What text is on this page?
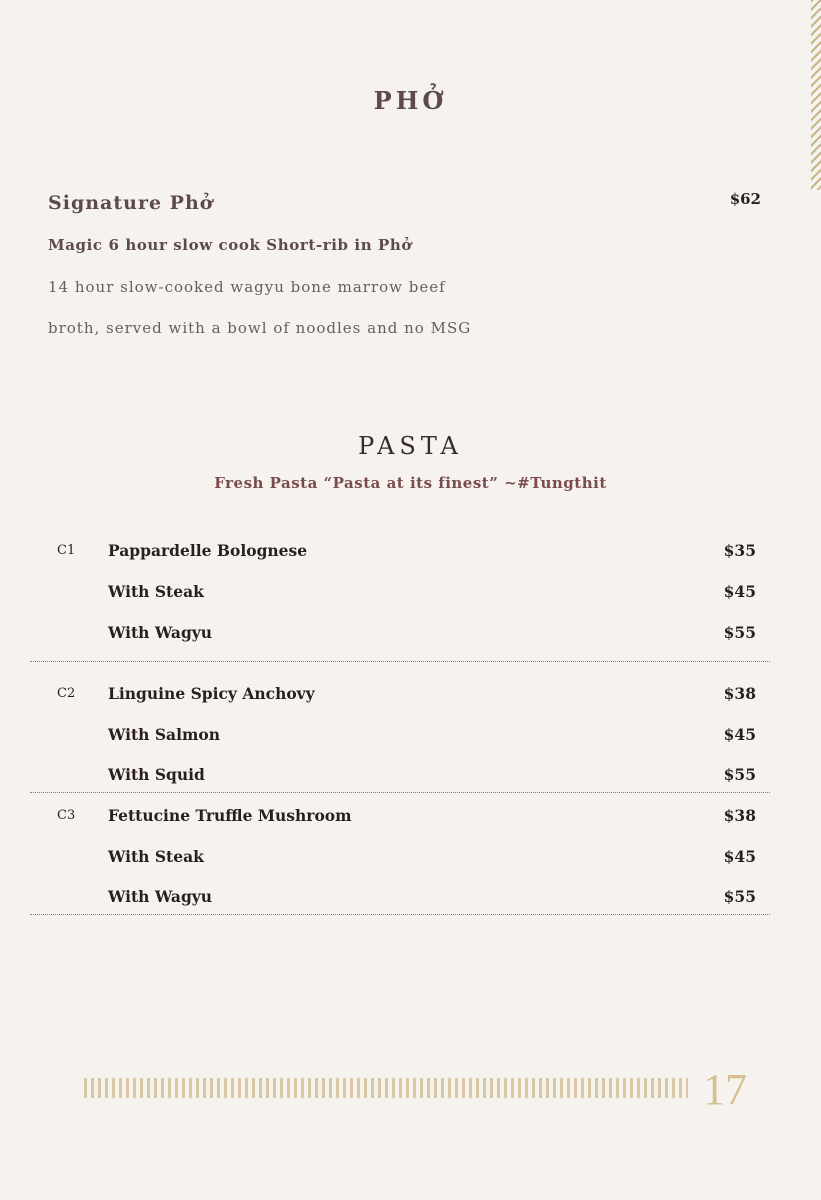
PHỞ
Signature Phở	$62
Magic 6 hour slow cook Short-rib in Phở
14 hour slow-cooked wagyu bone marrow beef
broth, served with a bowl of noodles and no MSG
PASTA
Fresh Pasta “Pasta at its finest” ~#Tungthit
C1 Pappardelle Bolognese	$35
With Steak	$45
With Wagyu	$55
C2 Linguine Spicy Anchovy	$38
With Salmon	$45
With Squid	$55
C3 Fettucine Truffle Mushroom	$38
With Steak	$45
With Wagyu	$55
17
